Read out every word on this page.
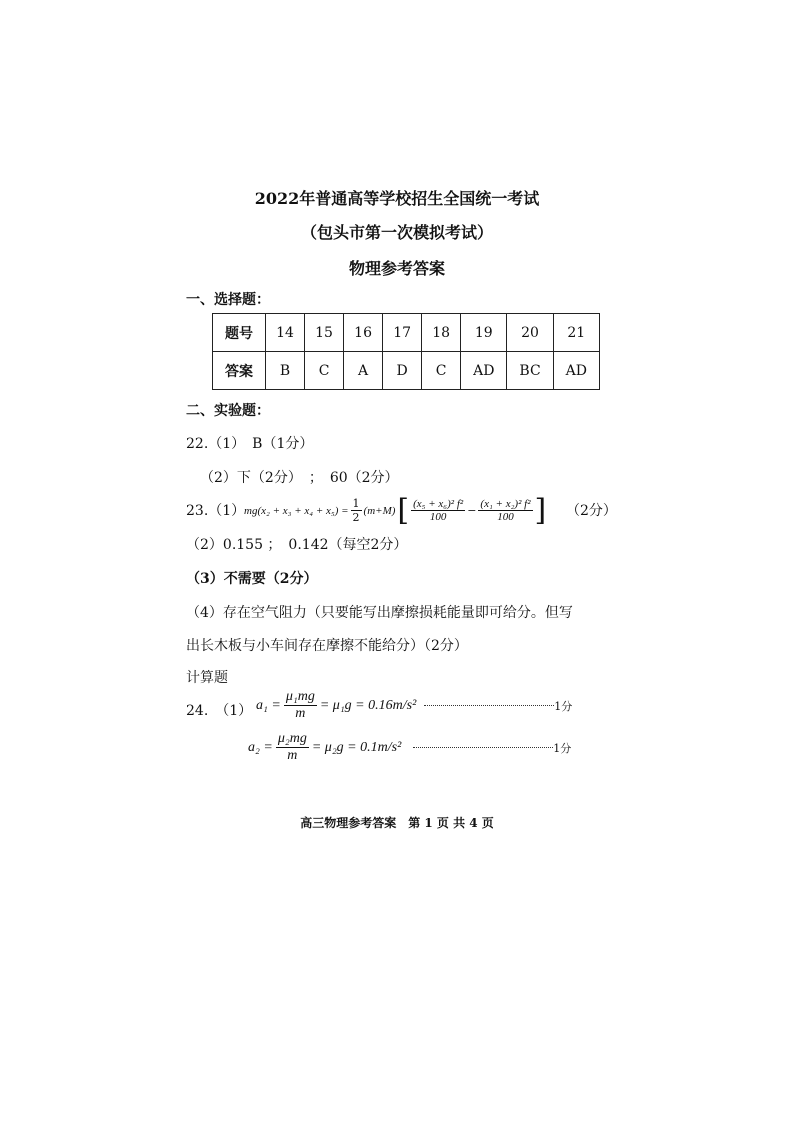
2022年普通高等学校招生全国统一考试
（包头市第一次模拟考试）
物理参考答案
一、选择题：
题号	14	15	16	17	18	19	20	21
答案	B	C	A	D	C	AD	BC	AD
二、实验题：
22.（1）　B（1分）
（2）下（2分）　；　60（2分）
23.（1）
$mg(x_2 + x_3 + x_4 + x_5) = \frac{1}{2} (m+M)$ [ $\frac{\text{(x₅ + x₆)² f²}}{100} - \frac{\text{(x₁ + x₂)² f²}}{100}$ ] （2分）
（2）0.155 ；　0.142（每空2分）
（3）不需要（2分）
（4）存在空气阻力（只要能写出摩擦损耗能量即可给分。但写
出长木板与小车间存在摩擦不能给分）（2分）
计算题
24.　（1） $a_1 = \frac{\text{μ₁mg}}{m} = \mu_1g = 0.16m/s^2$	1分
$a_2 = \frac{\text{μ₂mg}}{m} = \mu_2g = 0.1m/s^2$	1分
高三物理参考答案　第 1 页 共 4 页
